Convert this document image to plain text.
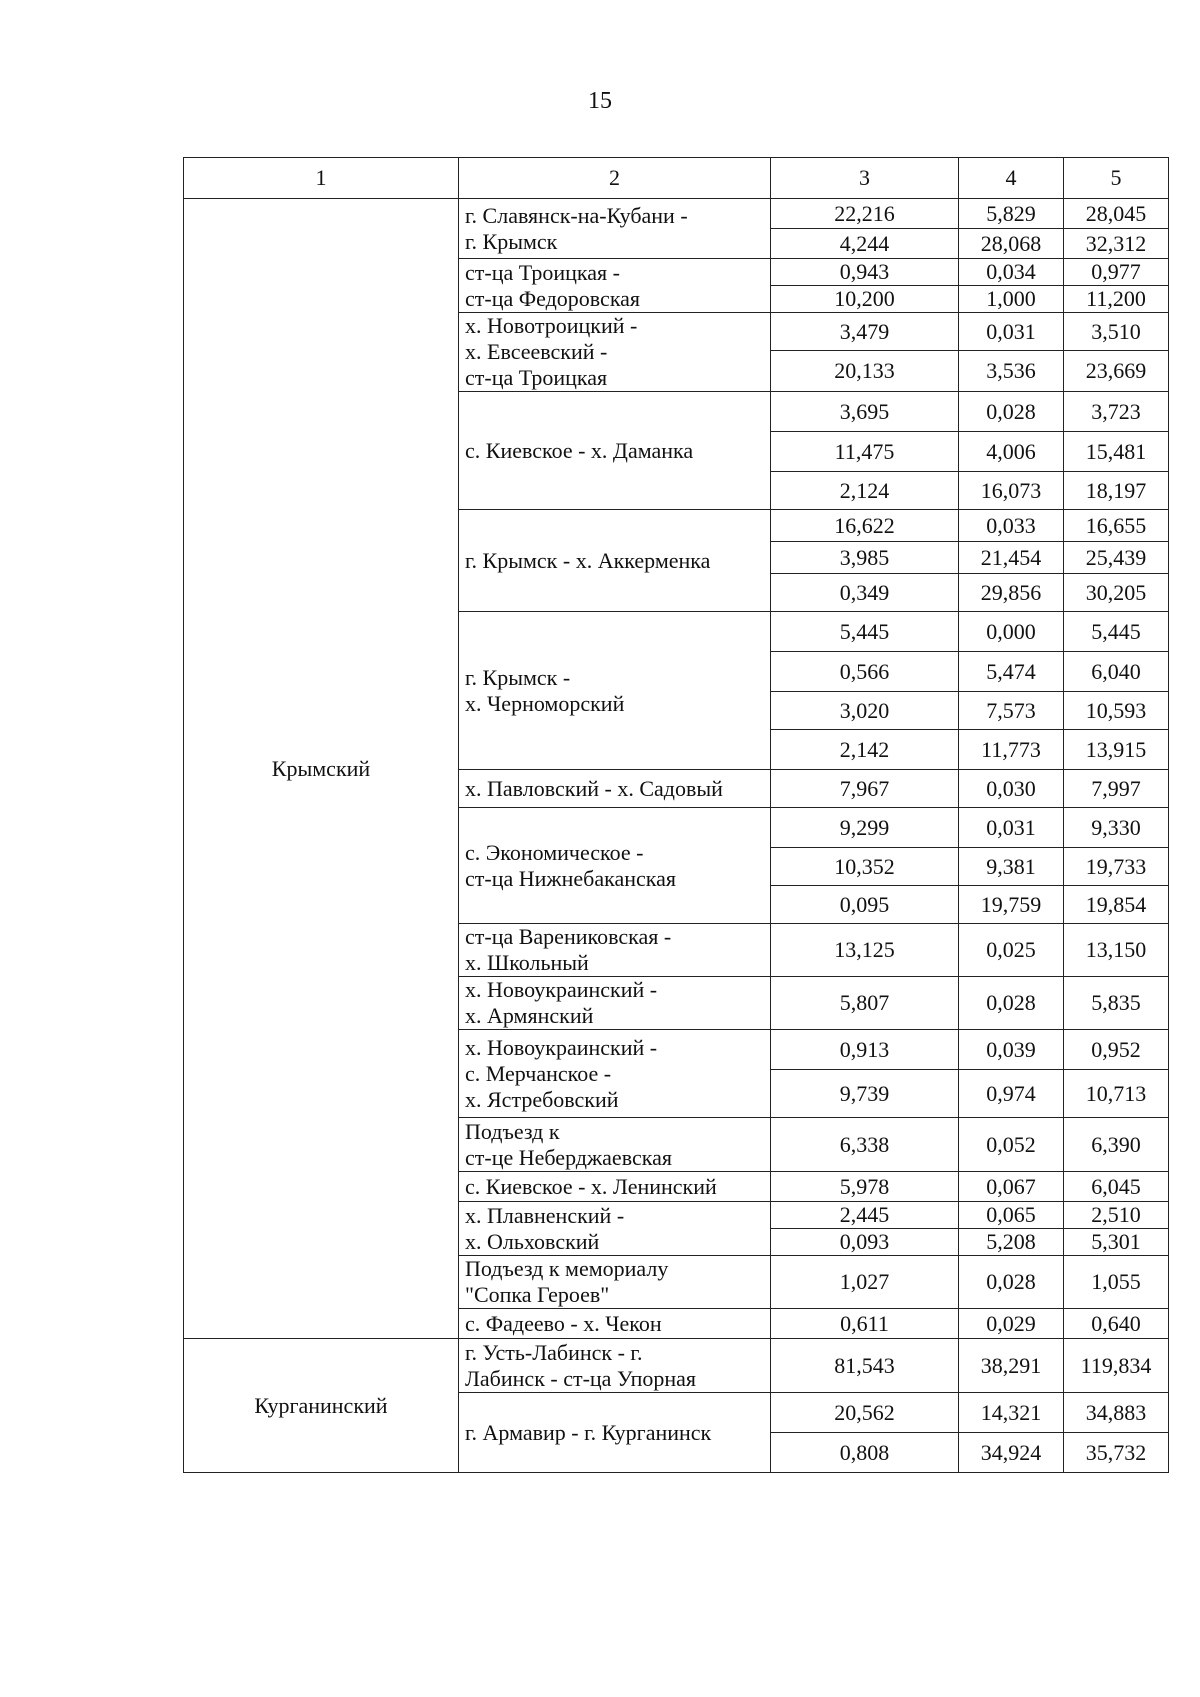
15
1	2	3	4	5
Крымский	г. Славянск-на-Кубани -
г. Крымск	22,216	5,829	28,045
		4,244	28,068	32,312
	ст-ца Троицкая -
ст-ца Федоровская	0,943	0,034	0,977
		10,200	1,000	11,200
	х. Новотроицкий -
х. Евсеевский -
ст-ца Троицкая	3,479	0,031	3,510
		20,133	3,536	23,669
	с. Киевское - х. Даманка	3,695	0,028	3,723
		11,475	4,006	15,481
		2,124	16,073	18,197
	г. Крымск - х. Аккерменка	16,622	0,033	16,655
		3,985	21,454	25,439
		0,349	29,856	30,205
	г. Крымск -
х. Черноморский	5,445	0,000	5,445
		0,566	5,474	6,040
		3,020	7,573	10,593
		2,142	11,773	13,915
	х. Павловский - х. Садовый	7,967	0,030	7,997
	с. Экономическое -
ст-ца Нижнебаканская	9,299	0,031	9,330
		10,352	9,381	19,733
		0,095	19,759	19,854
	ст-ца Варениковская -
х. Школьный	13,125	0,025	13,150
	х. Новоукраинский -
х. Армянский	5,807	0,028	5,835
	х. Новоукраинский -
с. Мерчанское -
х. Ястребовский	0,913	0,039	0,952
		9,739	0,974	10,713
	Подъезд к
ст-це Неберджаевская	6,338	0,052	6,390
	с. Киевское - х. Ленинский	5,978	0,067	6,045
	х. Плавненский -
х. Ольховский	2,445	0,065	2,510
		0,093	5,208	5,301
	Подъезд к мемориалу
"Сопка Героев"	1,027	0,028	1,055
	с. Фадеево - х. Чекон	0,611	0,029	0,640
Курганинский	г. Усть-Лабинск - г.
Лабинск - ст-ца Упорная	81,543	38,291	119,834
	г. Армавир - г. Курганинск	20,562	14,321	34,883
		0,808	34,924	35,732
